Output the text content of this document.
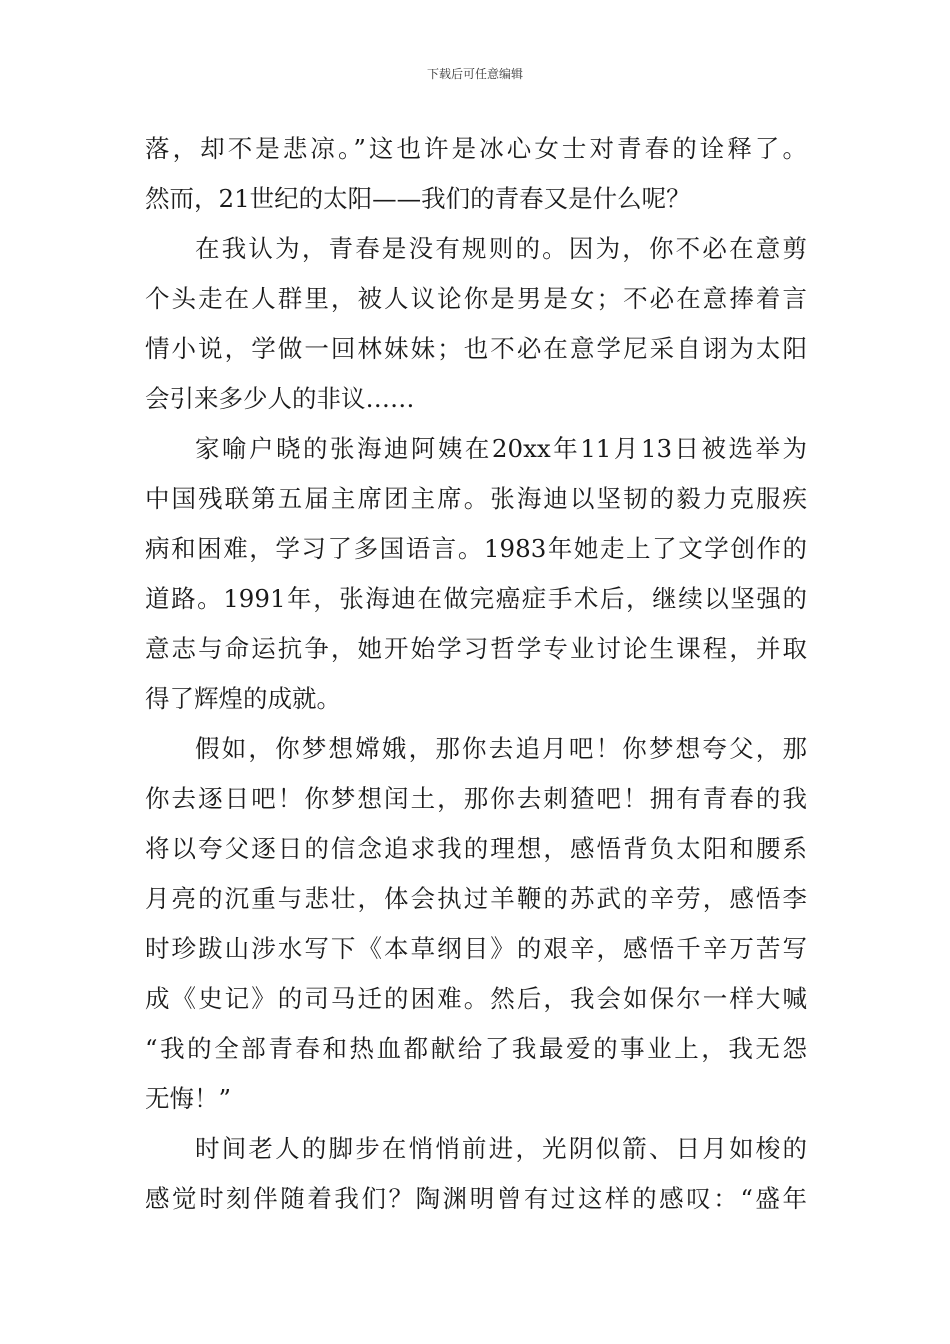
下载后可任意编辑
落，却不是悲凉。”这也许是冰心女士对青春的诠释了。
然而，21世纪的太阳——我们的青春又是什么呢？
在我认为，青春是没有规则的。因为，你不必在意剪
个头走在人群里，被人议论你是男是女；不必在意捧着言
情小说，学做一回林妹妹；也不必在意学尼采自诩为太阳
会引来多少人的非议……
家喻户晓的张海迪阿姨在20xx年11月13日被选举为
中国残联第五届主席团主席。张海迪以坚韧的毅力克服疾
病和困难，学习了多国语言。1983年她走上了文学创作的
道路。1991年，张海迪在做完癌症手术后，继续以坚强的
意志与命运抗争，她开始学习哲学专业讨论生课程，并取
得了辉煌的成就。
假如，你梦想嫦娥，那你去追月吧！你梦想夸父，那
你去逐日吧！你梦想闰土，那你去刺猹吧！拥有青春的我
将以夸父逐日的信念追求我的理想，感悟背负太阳和腰系
月亮的沉重与悲壮，体会执过羊鞭的苏武的辛劳，感悟李
时珍跋山涉水写下《本草纲目》的艰辛，感悟千辛万苦写
成《史记》的司马迁的困难。然后，我会如保尔一样大喊
“我的全部青春和热血都献给了我最爱的事业上，我无怨
无悔！”
时间老人的脚步在悄悄前进，光阴似箭、日月如梭的
感觉时刻伴随着我们？陶渊明曾有过这样的感叹：“盛年
